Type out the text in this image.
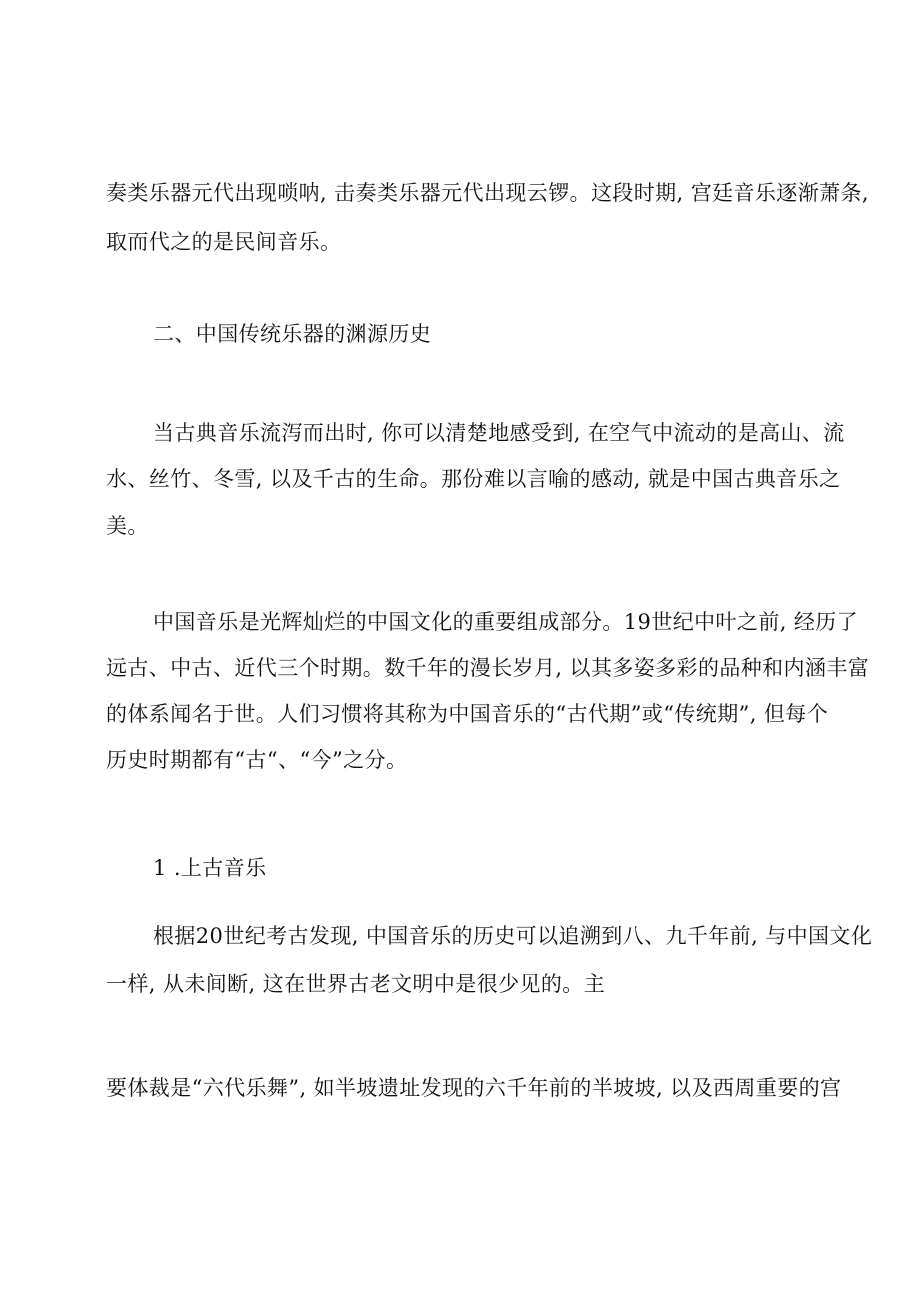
奏类乐器元代出现唢呐, 击奏类乐器元代出现云锣。这段时期, 宫廷音乐逐渐萧条,
取而代之的是民间音乐。
二、中国传统乐器的渊源历史
当古典音乐流泻而出时, 你可以清楚地感受到, 在空气中流动的是高山、流
水、丝竹、冬雪, 以及千古的生命。那份难以言喻的感动, 就是中国古典音乐之
美。
中国音乐是光辉灿烂的中国文化的重要组成部分。19世纪中叶之前, 经历了
远古、中古、近代三个时期。数千年的漫长岁月, 以其多姿多彩的品种和内涵丰富
的体系闻名于世。人们习惯将其称为中国音乐的“古代期”或“传统期”, 但每个
历史时期都有“古“、“今”之分。
1 .上古音乐
根据20世纪考古发现, 中国音乐的历史可以追溯到八、九千年前, 与中国文化
一样, 从未间断, 这在世界古老文明中是很少见的。主
要体裁是“六代乐舞”, 如半坡遗址发现的六千年前的半坡坡, 以及西周重要的宫
